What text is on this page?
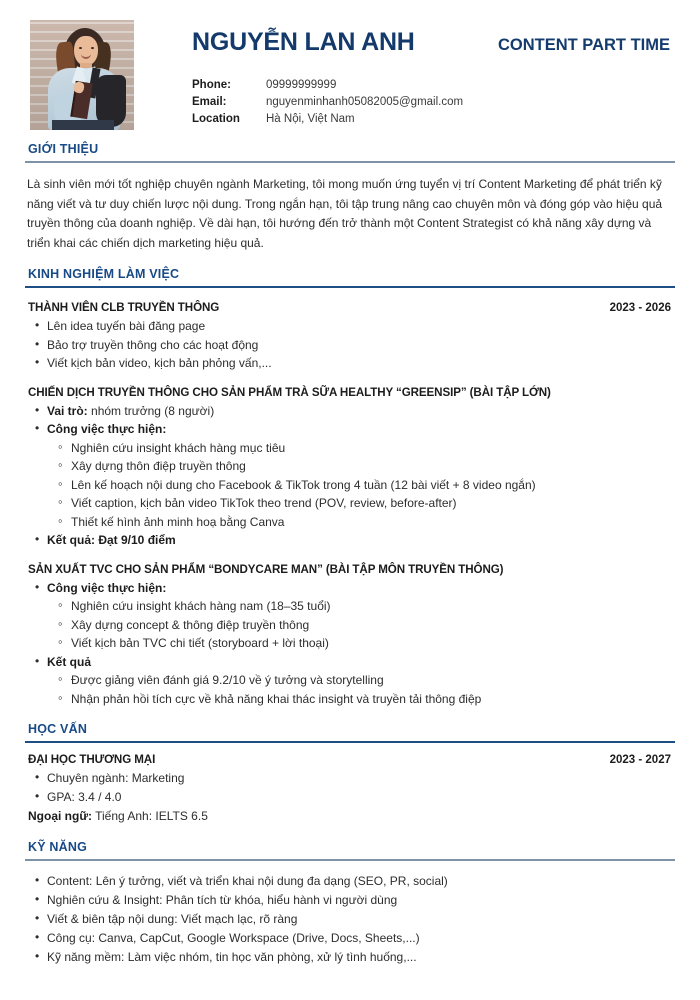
NGUYỄN LAN ANH	CONTENT PART TIME
Phone:	09999999999
Email:	nguyenminhanh05082005@gmail.com
Location	Hà Nội, Việt Nam
GIỚI THIỆU
Là sinh viên mới tốt nghiệp chuyên ngành Marketing, tôi mong muốn ứng tuyển vị trí Content Marketing để phát triển kỹ năng viết và tư duy chiến lược nội dung. Trong ngắn hạn, tôi tập trung nâng cao chuyên môn và đóng góp vào hiệu quả truyền thông của doanh nghiệp. Về dài hạn, tôi hướng đến trở thành một Content Strategist có khả năng xây dựng và triển khai các chiến dịch marketing hiệu quả.
KINH NGHIỆM LÀM VIỆC
THÀNH VIÊN CLB TRUYỀN THÔNG	2023 - 2026
• Lên idea tuyến bài đăng page
• Bảo trợ truyền thông cho các hoạt động
• Viết kịch bản video, kịch bản phỏng vấn,...
CHIẾN DỊCH TRUYỀN THÔNG CHO SẢN PHẨM TRÀ SỮA HEALTHY “GREENSIP” (BÀI TẬP LỚN)
• Vai trò: nhóm trưởng (8 người)
• Công việc thực hiện:
◦ Nghiên cứu insight khách hàng mục tiêu
◦ Xây dựng thôn điệp truyền thông
◦ Lên kế hoạch nội dung cho Facebook & TikTok trong 4 tuần (12 bài viết + 8 video ngắn)
◦ Viết caption, kịch bản video TikTok theo trend (POV, review, before-after)
◦ Thiết kế hình ảnh minh hoạ bằng Canva
• Kết quả: Đạt 9/10 điểm
SẢN XUẤT TVC CHO SẢN PHẨM “BONDYCARE MAN” (BÀI TẬP MÔN TRUYỀN THÔNG)
• Công việc thực hiện:
◦ Nghiên cứu insight khách hàng nam (18–35 tuổi)
◦ Xây dựng concept & thông điệp truyền thông
◦ Viết kịch bản TVC chi tiết (storyboard + lời thoại)
• Kết quả
◦ Được giảng viên đánh giá 9.2/10 về ý tưởng và storytelling
◦ Nhận phản hồi tích cực về khả năng khai thác insight và truyền tải thông điệp
HỌC VẤN
ĐẠI HỌC THƯƠNG MẠI	2023 - 2027
• Chuyên ngành: Marketing
• GPA: 3.4 / 4.0
Ngoại ngữ: Tiếng Anh: IELTS 6.5
KỸ NĂNG
• Content: Lên ý tưởng, viết và triển khai nội dung đa dạng (SEO, PR, social)
• Nghiên cứu & Insight: Phân tích từ khóa, hiểu hành vi người dùng
• Viết & biên tập nội dung: Viết mạch lạc, rõ ràng
• Công cụ: Canva, CapCut, Google Workspace (Drive, Docs, Sheets,...)
• Kỹ năng mềm: Làm việc nhóm, tin học văn phòng, xử lý tình huống,...
